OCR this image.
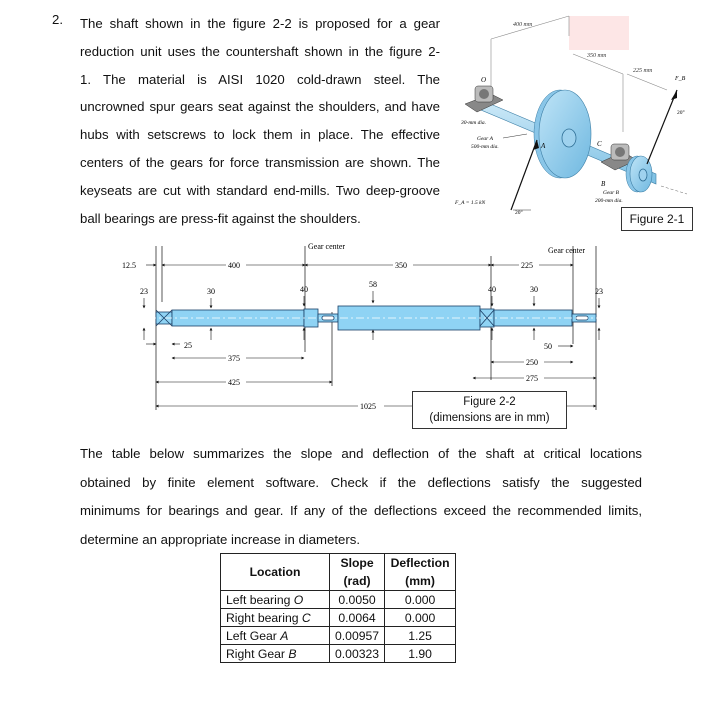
2. The shaft shown in the figure 2-2 is proposed for a gear
reduction unit uses the countershaft shown in the figure 2-
1. The material is AISI 1020 cold-drawn steel. The
uncrowned spur gears seat against the shoulders, and have
hubs with setscrews to lock them in place. The effective
centers of the gears for force transmission are shown. The
keyseats are cut with standard end-mills. Two deep-groove
ball bearings are press-fit against the shoulders.
400 mm
350 mm
225 mm
O
30-mm dia.
Gear A
500-mm dia.	A	C
B
Gear B
200-mm dia.
F_A = 1.5 kN
20°
F_B
20°
Figure 2-1
Gear center	Gear center
400	350	225
12.5
23	30	40
58
40	30	23
25
375
425
1025
50
250
275
Figure 2-2
(dimensions are in mm)
The table below summarizes the slope and deflection of the shaft at critical locations
obtained by finite element software. Check if the deflections satisfy the suggested
minimums for bearings and gear. If any of the deflections exceed the recommended limits,
determine an appropriate increase in diameters.
Location	Slope (rad)	Deflection (mm)
Left bearing O	0.0050	0.000
Right bearing C	0.0064	0.000
Left Gear A	0.00957	1.25
Right Gear B	0.00323	1.90
